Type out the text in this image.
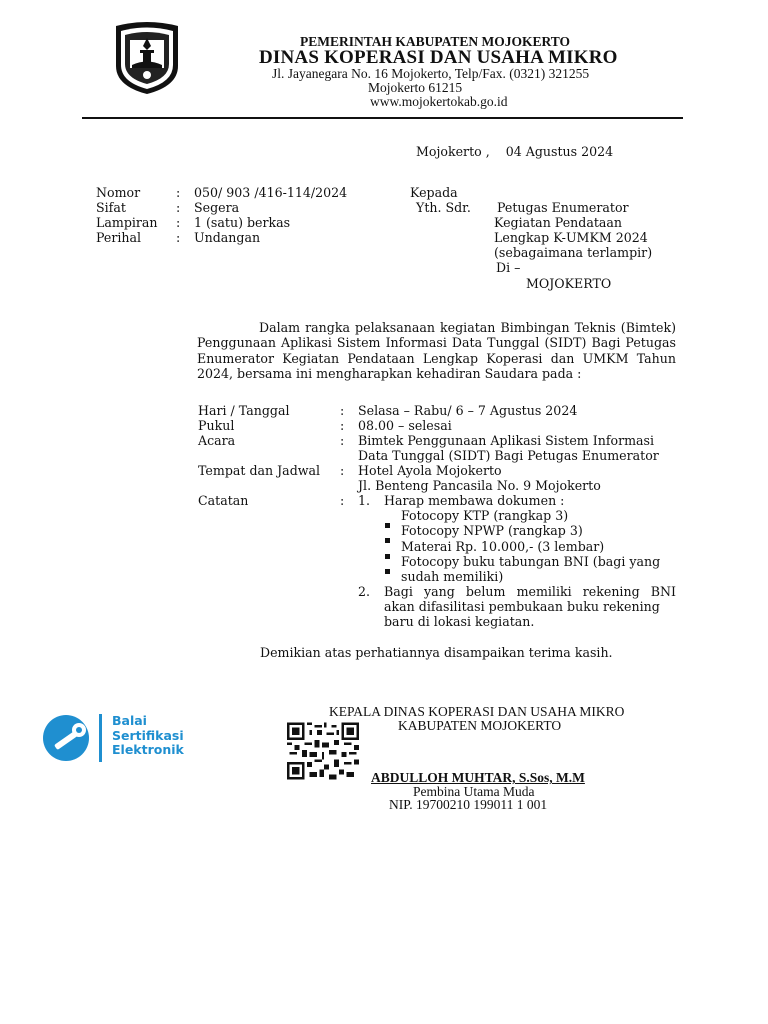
PEMERINTAH KABUPATEN MOJOKERTO
DINAS KOPERASI DAN USAHA MIKRO
Jl. Jayanegara No. 16 Mojokerto, Telp/Fax. (0321) 321255
Mojokerto 61215
www.mojokertokab.go.id
Mojokerto ,    04 Agustus 2024
Nomor	: 050/ 903 /416-114/2024
Sifat	: Segera
Lampiran : 1 (satu) berkas
Perihal	: Undangan
Kepada
Yth. Sdr. Petugas Enumerator
Kegiatan Pendataan
Lengkap K-UMKM 2024
(sebagaimana terlampir)
Di –
MOJOKERTO
Dalam rangka pelaksanaan kegiatan Bimbingan Teknis (Bimtek) Penggunaan Aplikasi Sistem Informasi Data Tunggal (SIDT) Bagi Petugas Enumerator Kegiatan Pendataan Lengkap Koperasi dan UMKM Tahun 2024, bersama ini mengharapkan kehadiran Saudara pada :
Hari / Tanggal	: Selasa – Rabu/ 6 – 7 Agustus 2024
Pukul	: 08.00 – selesai
Acara	: Bimtek Penggunaan Aplikasi Sistem Informasi
Data Tunggal (SIDT) Bagi Petugas Enumerator
Tempat dan Jadwal : Hotel Ayola Mojokerto
Jl. Benteng Pancasila No. 9 Mojokerto
Catatan	: 1. Harap membawa dokumen :
Fotocopy KTP (rangkap 3)
Fotocopy NPWP (rangkap 3)
Materai Rp. 10.000,- (3 lembar)
Fotocopy buku tabungan BNI (bagi yang
sudah memiliki)
2. Bagi yang belum memiliki rekening BNI
akan difasilitasi pembukaan buku rekening
baru di lokasi kegiatan.
Demikian atas perhatiannya disampaikan terima kasih.
Balai
Sertifikasi
Elektronik
KEPALA DINAS KOPERASI DAN USAHA MIKRO
KABUPATEN MOJOKERTO
ABDULLOH MUHTAR, S.Sos, M.M
Pembina Utama Muda
NIP. 19700210 199011 1 001
